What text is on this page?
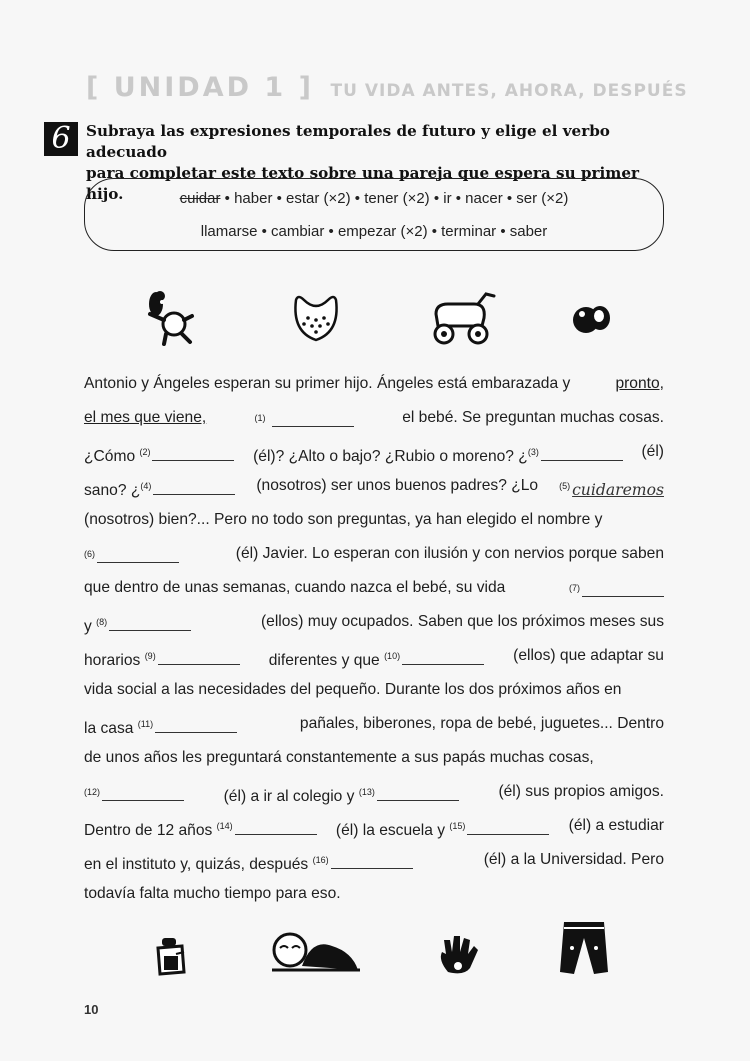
[ UNIDAD 1 ] TU VIDA ANTES, AHORA, DESPUÉS
6	Subraya las expresiones temporales de futuro y elige el verbo adecuado
para completar este texto sobre una pareja que espera su primer hijo.	cuidar • haber • estar (×2) • tener (×2) • ir • nacer • ser (×2)
llamarse • cambiar • empezar (×2) • terminar • saber
Antonio y Ángeles esperan su primer hijo. Ángeles está embarazada y	pronto,
el mes que viene,	$^{(1)}$	el bebé. Se preguntan muchas cosas.
¿Cómo $^{(2)}$	(él)? ¿Alto o bajo? ¿Rubio o moreno? ¿$^{(3)}$	(él)
sano? ¿$^{(4)}$	(nosotros) ser unos buenos padres? ¿Lo $^{(5)}$ cuidaremos
(nosotros) bien?... Pero no todo son preguntas, ya han elegido el nombre y
$^{(6)}$	(él) Javier. Lo esperan con ilusión y con nervios porque saben
que dentro de unas semanas, cuando nazca el bebé, su vida	$^{(7)}$
y $^{(8)}$	(ellos) muy ocupados. Saben que los próximos meses sus
horarios $^{(9)}$	diferentes y que $^{(10)}$	(ellos) que adaptar su
vida social a las necesidades del pequeño. Durante los dos próximos años en
la casa $^{(11)}$	pañales, biberones, ropa de bebé, juguetes... Dentro
de unos años les preguntará constantemente a sus papás muchas cosas,
$^{(12)}$	(él) a ir al colegio y $^{(13)}$	(él) sus propios amigos.
Dentro de 12 años $^{(14)}$	(él) la escuela y $^{(15)}$	(él) a estudiar
en el instituto y, quizás, después $^{(16)}$	(él) a la Universidad. Pero
todavía falta mucho tiempo para eso.
10
